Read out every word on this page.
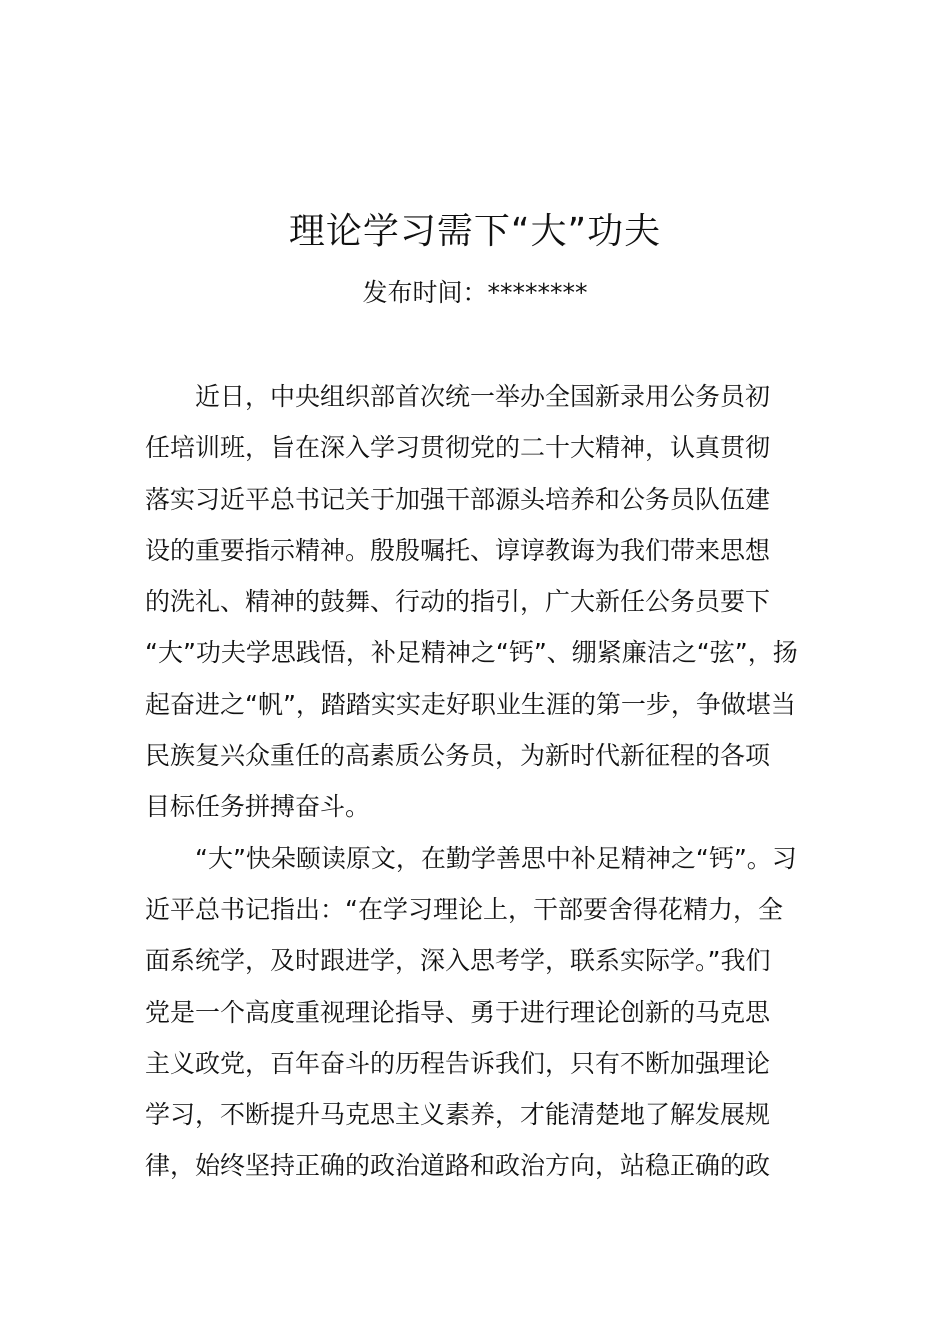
理论学习需下“大”功夫
发布时间：********
近日，中央组织部首次统一举办全国新录用公务员初
任培训班，旨在深入学习贯彻党的二十大精神，认真贯彻
落实习近平总书记关于加强干部源头培养和公务员队伍建
设的重要指示精神。殷殷嘱托、谆谆教诲为我们带来思想
的洗礼、精神的鼓舞、行动的指引，广大新任公务员要下
“大”功夫学思践悟，补足精神之“钙”、绷紧廉洁之“弦”，扬
起奋进之“帆”，踏踏实实走好职业生涯的第一步，争做堪当
民族复兴众重任的高素质公务员，为新时代新征程的各项
目标任务拼搏奋斗。
“大”快朵颐读原文，在勤学善思中补足精神之“钙”。习
近平总书记指出：“在学习理论上，干部要舍得花精力，全
面系统学，及时跟进学，深入思考学，联系实际学。”我们
党是一个高度重视理论指导、勇于进行理论创新的马克思
主义政党，百年奋斗的历程告诉我们，只有不断加强理论
学习，不断提升马克思主义素养，才能清楚地了解发展规
律，始终坚持正确的政治道路和政治方向，站稳正确的政
